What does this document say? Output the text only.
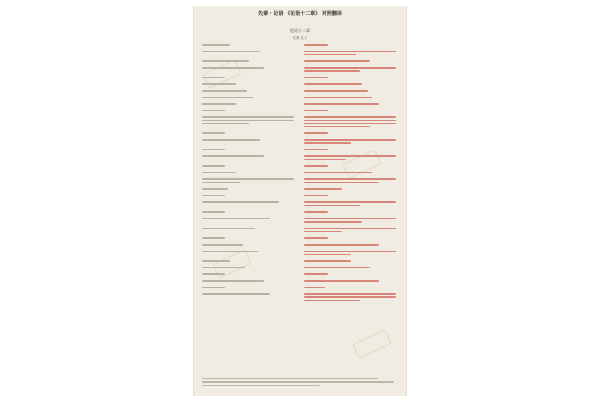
先秦 · 论语 《论语十二章》 对照翻译
论语十二章
先秦 孔子
